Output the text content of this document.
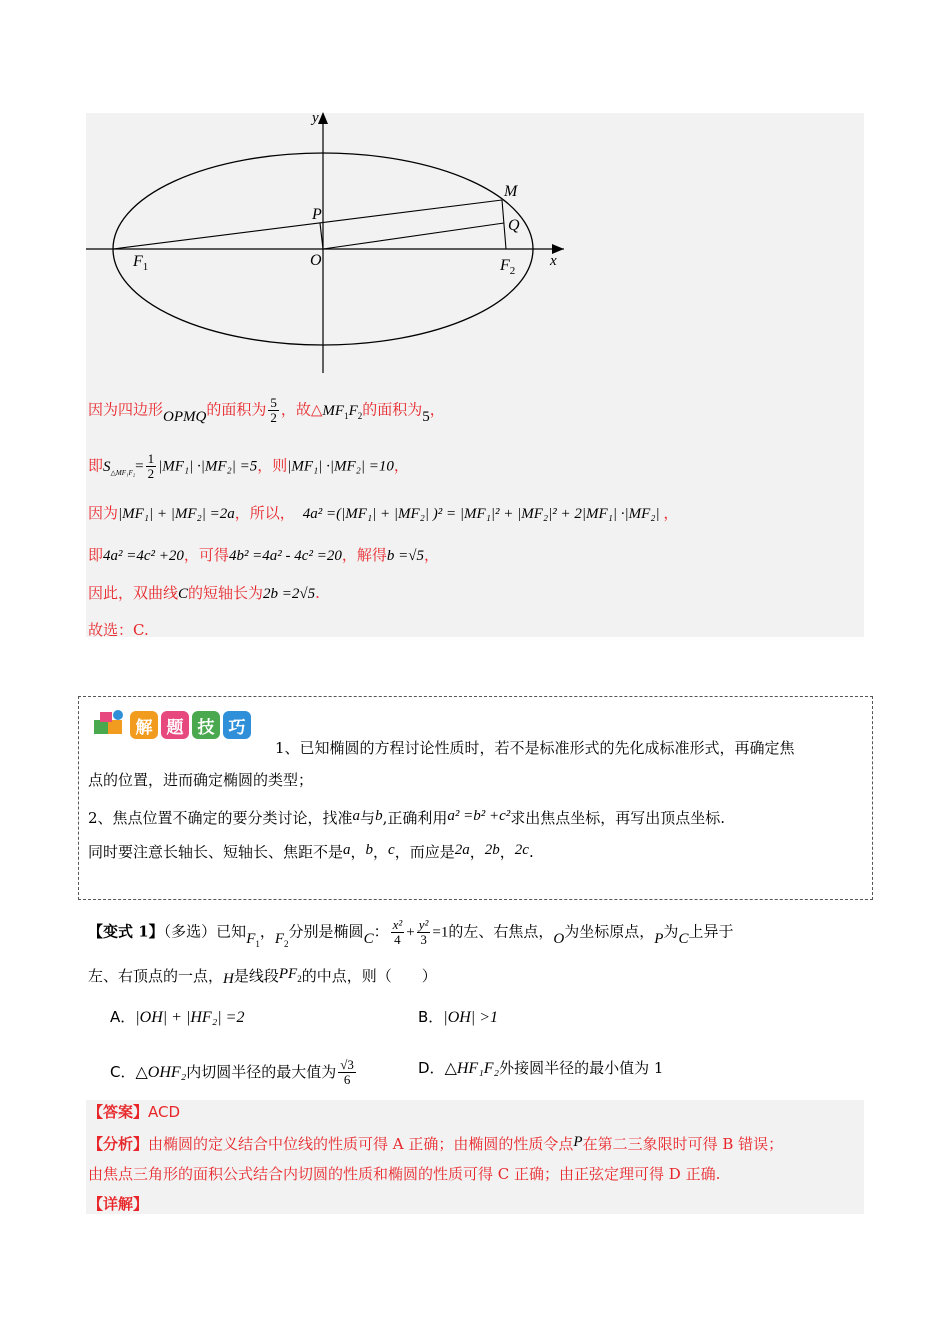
y
x
M
P
Q
O
$F_1$	$F_2$
因为四边形OPMQ的面积为 $\frac{5}{2}$ ，故$\triangle MF_1F_2$的面积为5，
即$S_{\triangle MF_1F_2}= \frac{1}{2} |MF_1| \cdot|MF_2| =5$，则|MF₁| ·|MF₂| =10，
因为|MF₁| + |MF₂| =2a，所以， 4a² =(|MF₁| + |MF₂| )² = |MF₁|² + |MF₂|² + 2|MF₁| ·|MF₂| ，
即4a² =4c² +20，可得4b² =4a² - 4c² =20，解得b =√5，
因此，双曲线C的短轴长为2b =2√5.
故选：C.
解 题 技 巧
1、已知椭圆的方程讨论性质时，若不是标准形式的先化成标准形式，再确定焦
点的位置，进而确定椭圆的类型；
2、焦点位置不确定的要分类讨论，找准a与b,正确利用a² =b² +c²求出焦点坐标，再写出顶点坐标.
同时要注意长轴长、短轴长、焦距不是a，b，c，而应是2a，2b，2c.
【变式 1】（多选）已知$F_1$，$F_2$分别是椭圆C： $\frac{\text{x²}}{4} + \frac{\text{y²}}{3} =1$的左、右焦点，O为坐标原点，P为C上异于
左、右顶点的一点，H是线段$PF_2$的中点，则（　　）
A．|OH| + |HF₂| =2	B．|OH| >1
C．△OHF₂内切圆半径的最大值为 $\frac{√3}{6}$	D．△HF₁F₂外接圆半径的最小值为 1
【答案】ACD
【分析】由椭圆的定义结合中位线的性质可得 A 正确；由椭圆的性质令点P在第二三象限时可得 B 错误；
由焦点三角形的面积公式结合内切圆的性质和椭圆的性质可得 C 正确；由正弦定理可得 D 正确.
【详解】
